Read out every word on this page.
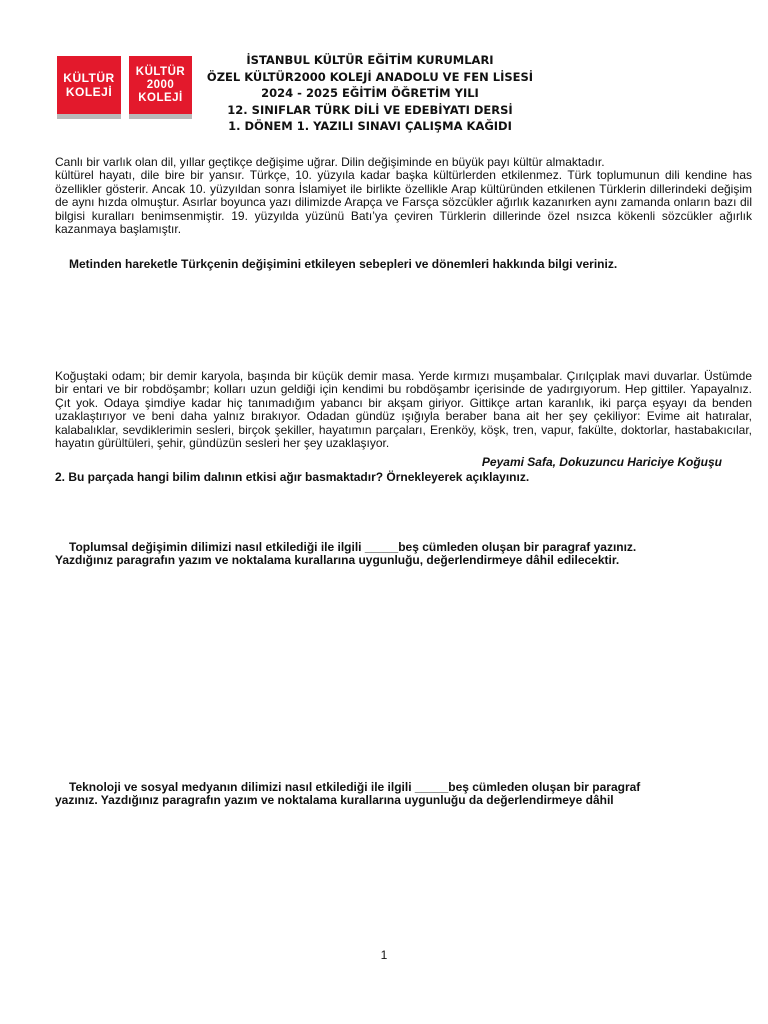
KÜLTÜR
KOLEJİ
KÜLTÜR
2000
KOLEJİ
İSTANBUL KÜLTÜR EĞİTİM KURUMLARI
ÖZEL KÜLTÜR2000 KOLEJİ ANADOLU VE FEN LİSESİ
2024 - 2025 EĞİTİM ÖĞRETİM YILI
12. SINIFLAR TÜRK DİLİ VE EDEBİYATI DERSİ
1. DÖNEM 1. YAZILI SINAVI ÇALIŞMA KAĞIDI
Canlı bir varlık olan dil, yıllar geçtikçe değişime uğrar. Dilin değişiminde en büyük payı kültür almaktadır.
kültürel hayatı, dile bire bir yansır. Türkçe, 10. yüzyıla kadar başka kültürlerden etkilenmez. Türk toplumunun dili kendine has özellikler gösterir. Ancak 10. yüzyıldan sonra İslamiyet ile birlikte özellikle Arap kültüründen etkilenen Türklerin dillerindeki değişim de aynı hızda olmuştur. Asırlar boyunca yazı dilimizde Arapça ve Farsça sözcükler ağırlık kazanırken aynı zamanda onların bazı dil bilgisi kuralları benimsenmiştir. 19. yüzyılda yüzünü Batı’ya çeviren Türklerin dillerinde özel nsızca kökenli sözcükler ağırlık kazanmaya başlamıştır.

Metinden hareketle Türkçenin değişimini etkileyen sebepleri ve dönemleri hakkında bilgi veriniz.

Koğuştaki odam; bir demir karyola, başında bir küçük demir masa. Yerde kırmızı muşambalar. Çırılçıplak mavi duvarlar. Üstümde bir entari ve bir robdöşambr; kolları uzun geldiği için kendimi bu robdöşambr içerisinde de yadırgıyorum. Hep gittiler. Yapayalnız. Çıt yok. Odaya şimdiye kadar hiç tanımadığım yabancı bir akşam giriyor. Gittikçe artan karanlık, iki parça eşyayı da benden uzaklaştırıyor ve beni daha yalnız bırakıyor. Odadan gündüz ışığıyla beraber bana ait her şey çekiliyor: Evime ait hatıralar, kalabalıklar, sevdiklerimin sesleri, birçok şekiller, hayatımın parçaları, Erenköy, köşk, tren, vapur, fakülte, doktorlar, hastabakıcılar, hayatın gürültüleri, şehir, gündüzün sesleri her şey uzaklaşıyor.

Peyami Safa, Dokuzuncu Hariciye Koğuşu

2. Bu parçada hangi bilim dalının etkisi ağır basmaktadır? Örnekleyerek açıklayınız.

Toplumsal değişimin dilimizi nasıl etkilediği ile ilgili _____beş cümleden oluşan bir paragraf yazınız.
Yazdığınız paragrafın yazım ve noktalama kurallarına uygunluğu, değerlendirmeye dâhil edilecektir.
Teknoloji ve sosyal medyanın dilimizi nasıl etkilediği ile ilgili _____beş cümleden oluşan bir paragraf
yazınız. Yazdığınız paragrafın yazım ve noktalama kurallarına uygunluğu da değerlendirmeye dâhil
1
